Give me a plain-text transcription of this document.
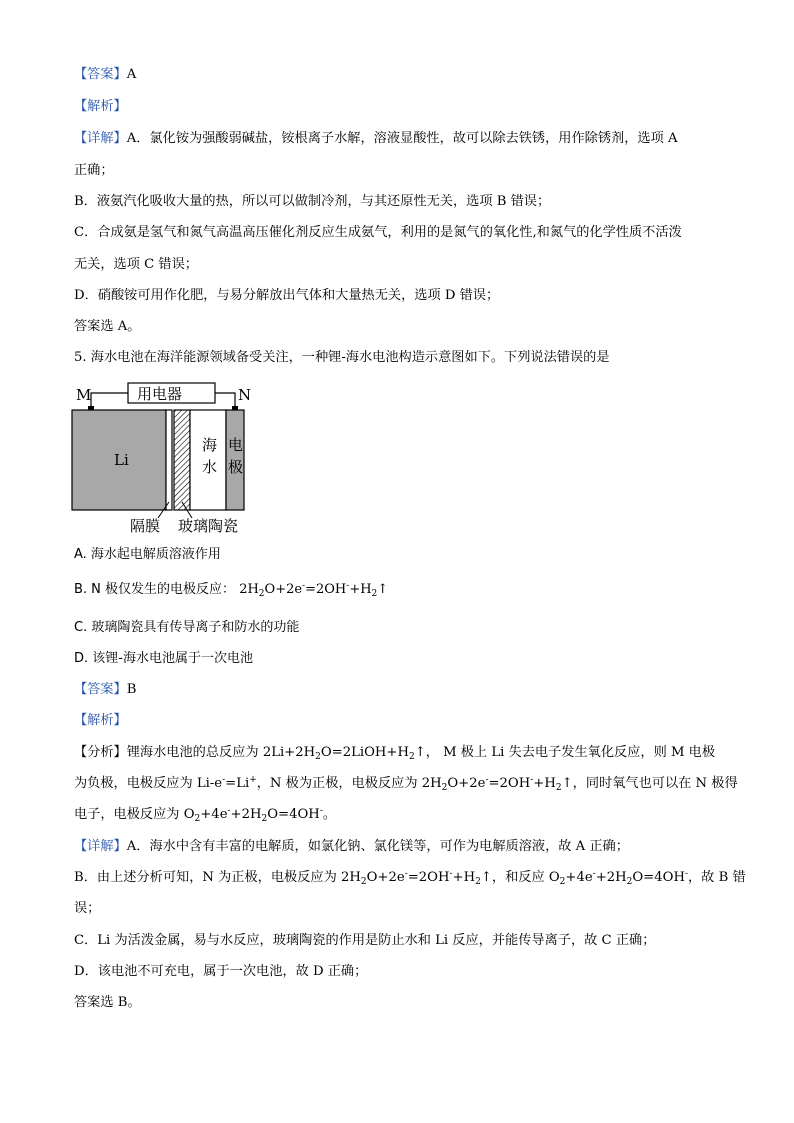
【答案】A
【解析】
【详解】A．氯化铵为强酸弱碱盐，铵根离子水解，溶液显酸性，故可以除去铁锈，用作除锈剂，选项 A
正确；
B．液氨汽化吸收大量的热，所以可以做制冷剂，与其还原性无关，选项 B 错误；
C．合成氨是氢气和氮气高温高压催化剂反应生成氨气，利用的是氮气的氧化性,和氮气的化学性质不活泼
无关，选项 C 错误；
D．硝酸铵可用作化肥，与易分解放出气体和大量热无关，选项 D 错误；
答案选 A。
5. 海水电池在海洋能源领域备受关注，一种锂-海水电池构造示意图如下。下列说法错误的是
M	N
用电器
Li
海
水
电
极
隔膜 玻璃陶瓷
A. 海水起电解质溶液作用
B. N 极仅发生的电极反应： $2H_2O+2e^-=2OH^-+H_2↑$
C. 玻璃陶瓷具有传导离子和防水的功能
D. 该锂-海水电池属于一次电池
【答案】B
【解析】
【分析】锂海水电池的总反应为 $2Li+2H_2O=2LiOH+H_2↑$， M 极上 Li 失去电子发生氧化反应，则 M 电极
为负极，电极反应为 Li-e-=Li+，N 极为正极，电极反应为 $2H_2O+2e^-=2OH^-+H_2↑$，同时氧气也可以在 N 极得
电子，电极反应为 $O_2+4e^-+2H_2O=4OH^-$。
【详解】A．海水中含有丰富的电解质，如氯化钠、氯化镁等，可作为电解质溶液，故 A 正确；
B．由上述分析可知，N 为正极，电极反应为 $2H_2O+2e^-=2OH^-+H_2↑$，和反应 $O_2+4e^-+2H_2O=4OH^-$，故 B 错
误；
C．Li 为活泼金属，易与水反应，玻璃陶瓷的作用是防止水和 Li 反应，并能传导离子，故 C 正确；
D．该电池不可充电，属于一次电池，故 D 正确；
答案选 B。
